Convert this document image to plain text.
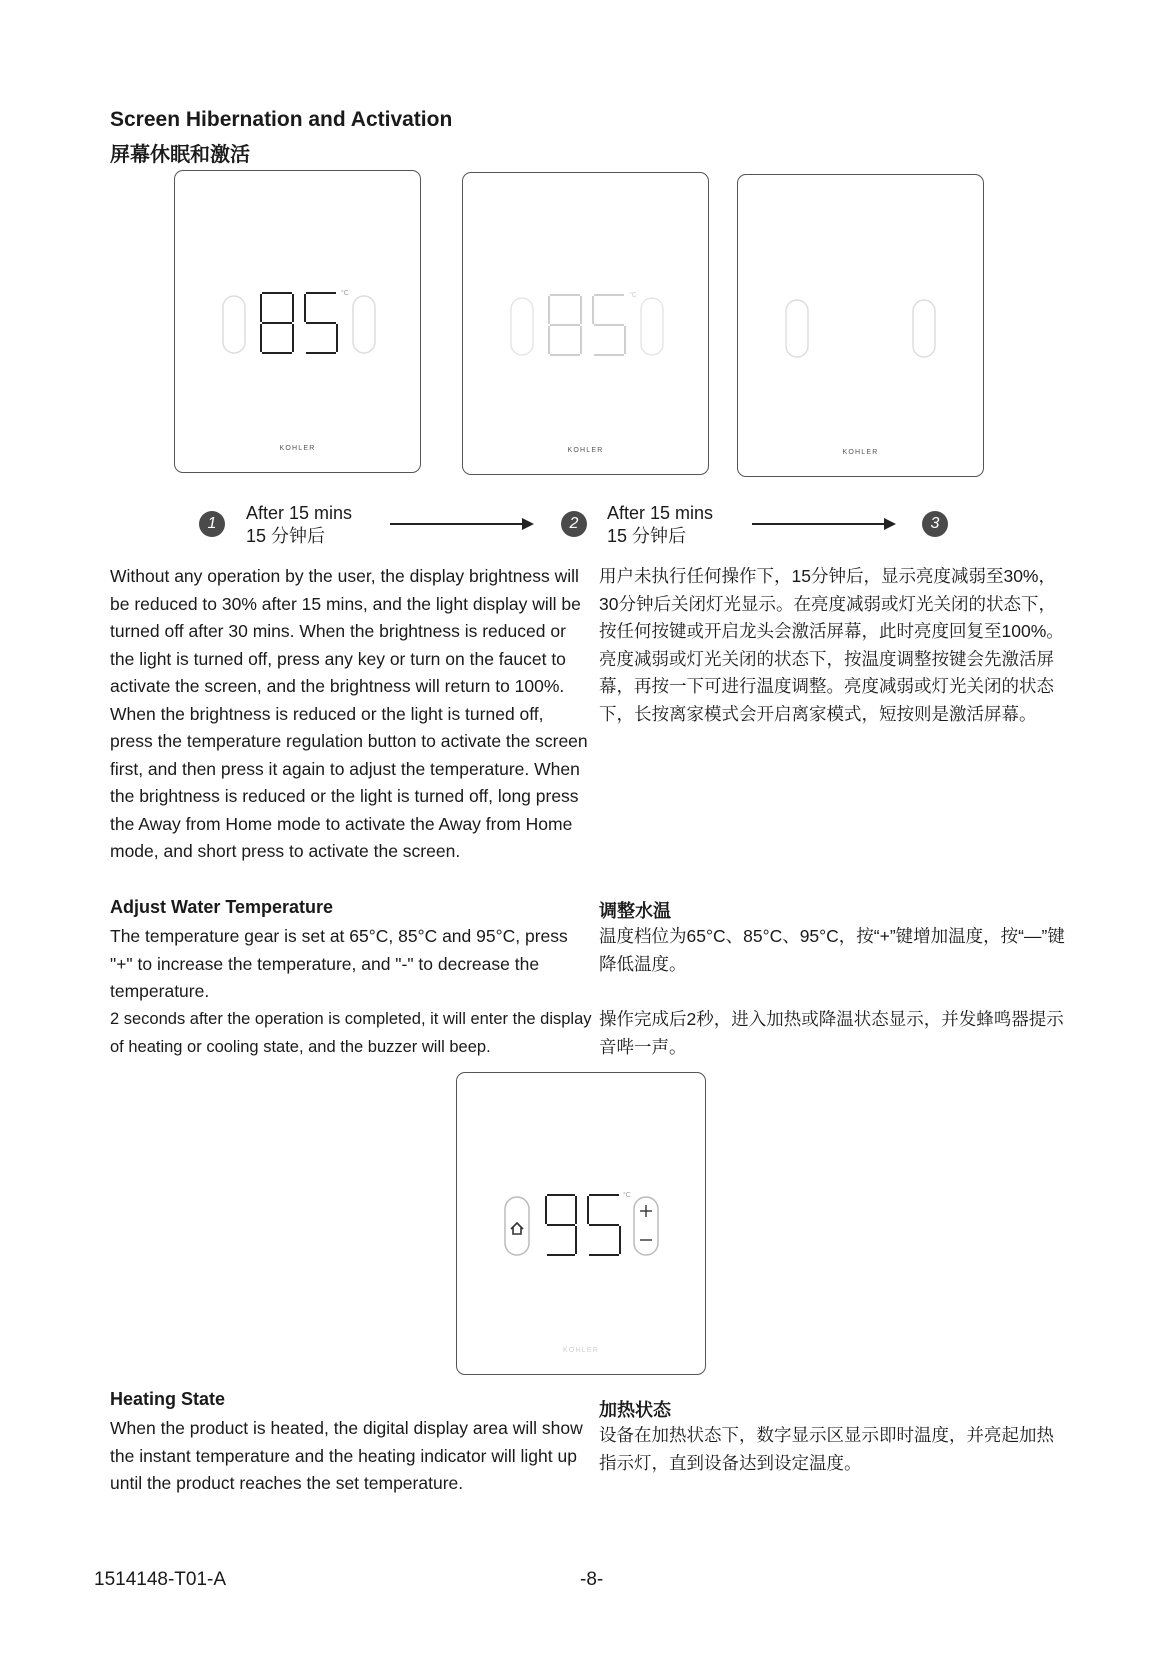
Screen Hibernation and Activation
屏幕休眠和激活
°C
KOHLER
°C
KOHLER	KOHLER
1
After 15 mins
15 分钟后
2
After 15 mins
15 分钟后
3

Without any operation by the user, the display brightness will be reduced to 30% after 15 mins, and the light display will be turned off after 30 mins. When the brightness is reduced or the light is turned off, press any key or turn on the faucet to activate the screen, and the brightness will return to 100%. When the brightness is reduced or the light is turned off, press the temperature regulation button to activate the screen first, and then press it again to adjust the temperature. When the brightness is reduced or the light is turned off, long press the Away from Home mode to activate the Away from Home mode, and short press to activate the screen.

用户未执行任何操作下，15分钟后，显示亮度减弱至30%，30分钟后关闭灯光显示。在亮度减弱或灯光关闭的状态下，按任何按键或开启龙头会激活屏幕，此时亮度回复至100%。亮度减弱或灯光关闭的状态下，按温度调整按键会先激活屏幕，再按一下可进行温度调整。亮度减弱或灯光关闭的状态下，长按离家模式会开启离家模式，短按则是激活屏幕。

Adjust Water Temperature	调整水温

The temperature gear is set at 65°C, 85°C and 95°C, press "+" to increase the temperature, and "-" to decrease the temperature.

2 seconds after the operation is completed, it will enter the display of heating or cooling state, and the buzzer will beep.

温度档位为65°C、85°C、95°C，按“+”键增加温度，按“—”键降低温度。

操作完成后2秒，进入加热或降温状态显示，并发蜂鸣器提示音哔一声。

°C
KOHLER
Heating State
加热状态

When the product is heated, the digital display area will show the instant temperature and the heating indicator will light up until the product reaches the set temperature.

设备在加热状态下，数字显示区显示即时温度，并亮起加热指示灯，直到设备达到设定温度。

1514148-T01-A	-8-
